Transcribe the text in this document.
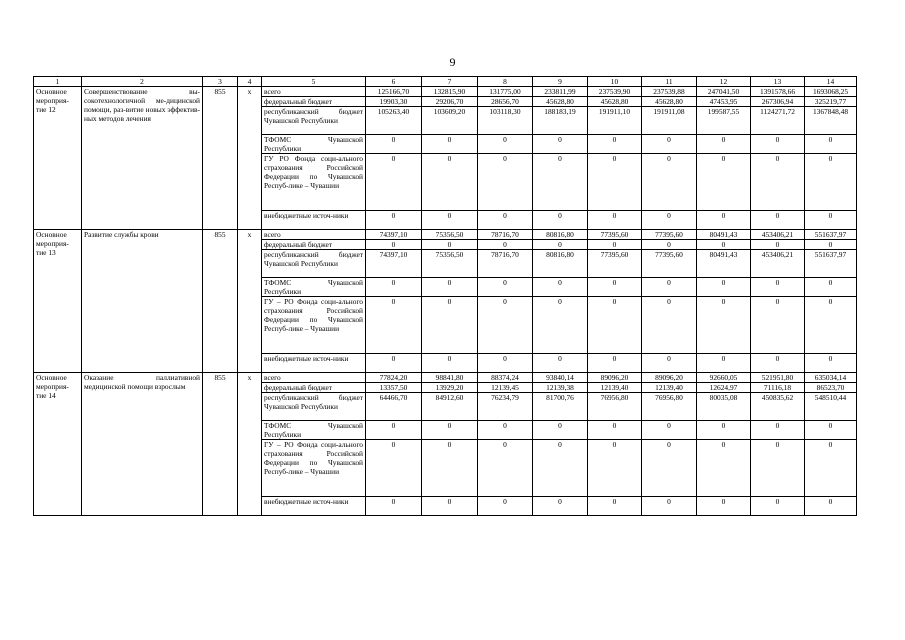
9
1	2	3	4	5	6	7	8	9	10	11	12	13	14
Основное мероприя-тие 12	Совершенствование вы-сокотехнологичной ме-дицинской помощи, раз-витие новых эффектив-ных методов лечения	855	х	всего	125166,70	132815,90	131775,00	233811,99	237539,90	237539,88	247041,50	1391578,66	1693068,25
				федеральный бюджет	19903,30	29206,70	28656,70	45628,80	45628,80	45628,80	47453,95	267306,94	325219,77
				республиканский бюджет Чувашской Республики	105263,40	103609,20	103118,30	188183,19	191911,10	191911,08	199587,55	1124271,72	1367848,48
				ТФОМС Чувашской Республики	0	0	0	0	0	0	0	0	0
				ГУ РО Фонда соци-ального страхования Российской Федерации по Чувашской Респуб-лике – Чувашии	0	0	0	0	0	0	0	0	0
				внебюджетные источ-ники	0	0	0	0	0	0	0	0	0
Основное мероприя-тие 13	Развитие службы крови	855	х	всего	74397,10	75356,50	78716,70	80816,80	77395,60	77395,60	80491,43	453406,21	551637,97
				федеральный бюджет	0	0	0	0	0	0	0	0	0
				республиканский бюджет Чувашской Республики	74397,10	75356,50	78716,70	80816,80	77395,60	77395,60	80491,43	453406,21	551637,97
				ТФОМС Чувашской Республики	0	0	0	0	0	0	0	0	0
				ГУ – РО Фонда соци-ального страхования Российской Федерации по Чувашской Респуб-лике – Чувашии	0	0	0	0	0	0	0	0	0
				внебюджетные источ-ники	0	0	0	0	0	0	0	0	0
Основное мероприя-тие 14	Оказание паллиативной медицинской помощи взрослым	855	х	всего	77824,20	98841,80	88374,24	93840,14	89096,20	89096,20	92660,05	521951,80	635034,14
				федеральный бюджет	13357,50	13929,20	12139,45	12139,38	12139,40	12139,40	12624,97	71116,18	86523,70
				республиканский бюджет Чувашской Республики	64466,70	84912,60	76234,79	81700,76	76956,80	76956,80	80035,08	450835,62	548510,44
				ТФОМС Чувашской Республики	0	0	0	0	0	0	0	0	0
				ГУ – РО Фонда соци-ального страхования Российской Федерации по Чувашской Респуб-лике – Чувашии	0	0	0	0	0	0	0	0	0
				внебюджетные источ-ники	0	0	0	0	0	0	0	0	0
